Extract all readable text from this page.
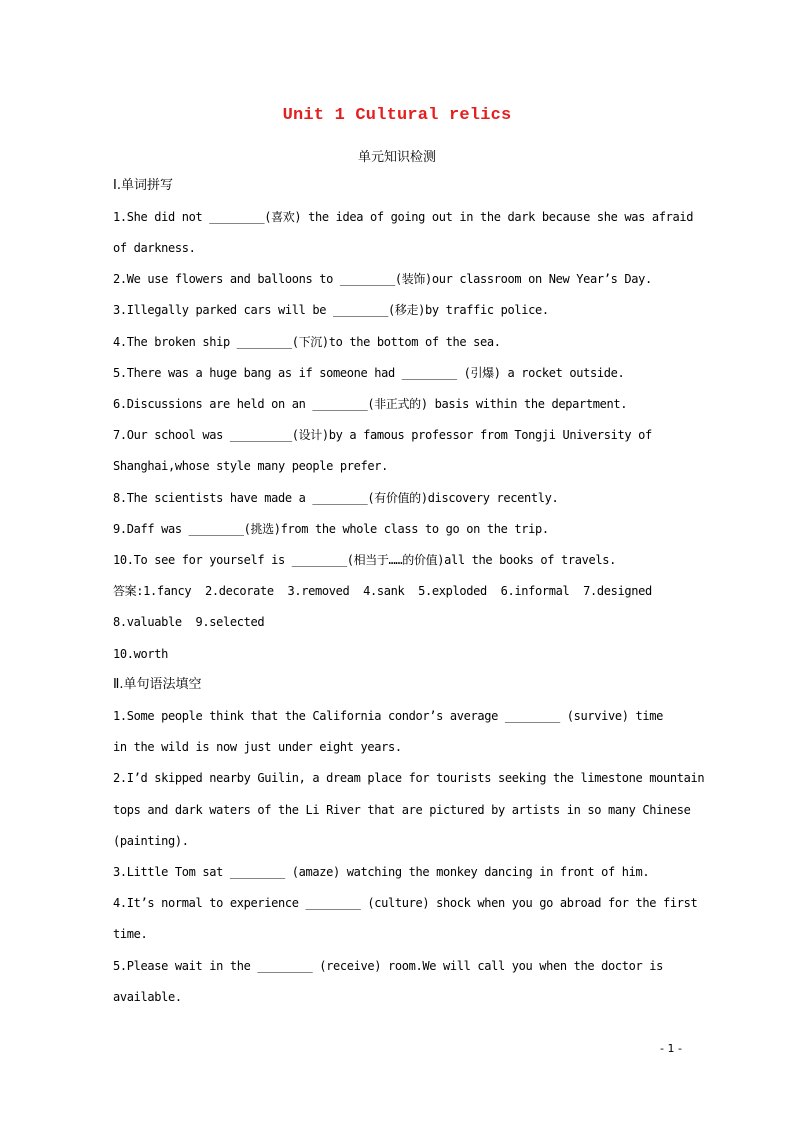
Unit 1 Cultural relics
单元知识检测
Ⅰ.单词拼写
1.She did not ________(喜欢) the idea of going out in the dark because she was afraid
of darkness.
2.We use flowers and balloons to ________(装饰)our classroom on New Year’s Day.
3.Illegally parked cars will be ________(移走)by traffic police.
4.The broken ship ________(下沉)to the bottom of the sea.
5.There was a huge bang as if someone had ________ (引爆) a rocket outside.
6.Discussions are held on an ________(非正式的) basis within the department.
7.Our school was _________(设计)by a famous professor from Tongji University of
Shanghai,whose style many people prefer.
8.The scientists have made a ________(有价值的)discovery recently.
9.Daff was ________(挑选)from the whole class to go on the trip.
10.To see for yourself is ________(相当于……的价值)all the books of travels.
答案:1.fancy  2.decorate  3.removed  4.sank  5.exploded  6.informal  7.designed
8.valuable  9.selected
10.worth
Ⅱ.单句语法填空
1.Some people think that the California condor’s average ________ (survive) time
in the wild is now just under eight years.
2.I’d skipped nearby Guilin, a dream place for tourists seeking the limestone mountain
tops and dark waters of the Li River that are pictured by artists in so many Chinese
(painting).
3.Little Tom sat ________ (amaze) watching the monkey dancing in front of him.
4.It’s normal to experience ________ (culture) shock when you go abroad for the first
time.
5.Please wait in the ________ (receive) room.We will call you when the doctor is
available.
- 1 -
